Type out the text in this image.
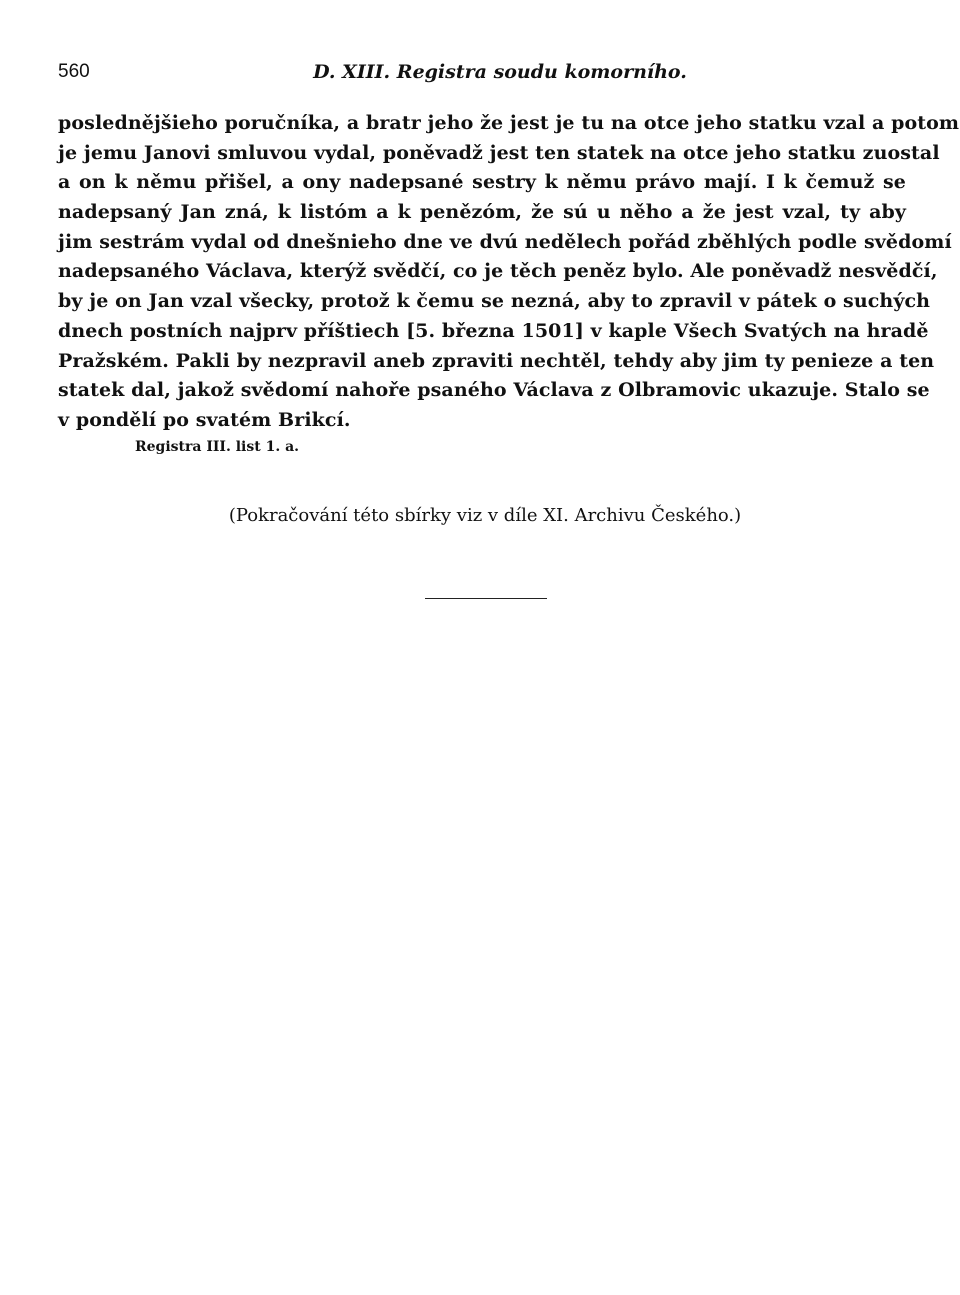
560	D. XIII. Registra soudu komorního.
poslednějšieho poručníka, a bratr jeho že jest je tu na otce jeho statku vzal a potom
je jemu Janovi smluvou vydal, poněvadž jest ten statek na otce jeho statku zuostal
a on k němu přišel, a ony nadepsané sestry k němu právo mají. I k čemuž se
nadepsaný Jan zná, k listóm a k penězóm, že sú u něho a že jest vzal, ty aby
jim sestrám vydal od dnešnieho dne ve dvú nedělech pořád zběhlých podle svědomí
nadepsaného Václava, kterýž svědčí, co je těch peněz bylo. Ale poněvadž nesvědčí,
by je on Jan vzal všecky, protož k čemu se nezná, aby to zpravil v pátek o suchých
dnech postních najprv příštiech [5. března 1501] v kaple Všech Svatých na hradě
Pražském. Pakli by nezpravil aneb zpraviti nechtěl, tehdy aby jim ty penieze a ten
statek dal, jakož svědomí nahoře psaného Václava z Olbramovic ukazuje. Stalo se
v pondělí po svatém Brikcí.
Registra III. list 1. a.
(Pokračování této sbírky viz v díle XI. Archivu Českého.)
